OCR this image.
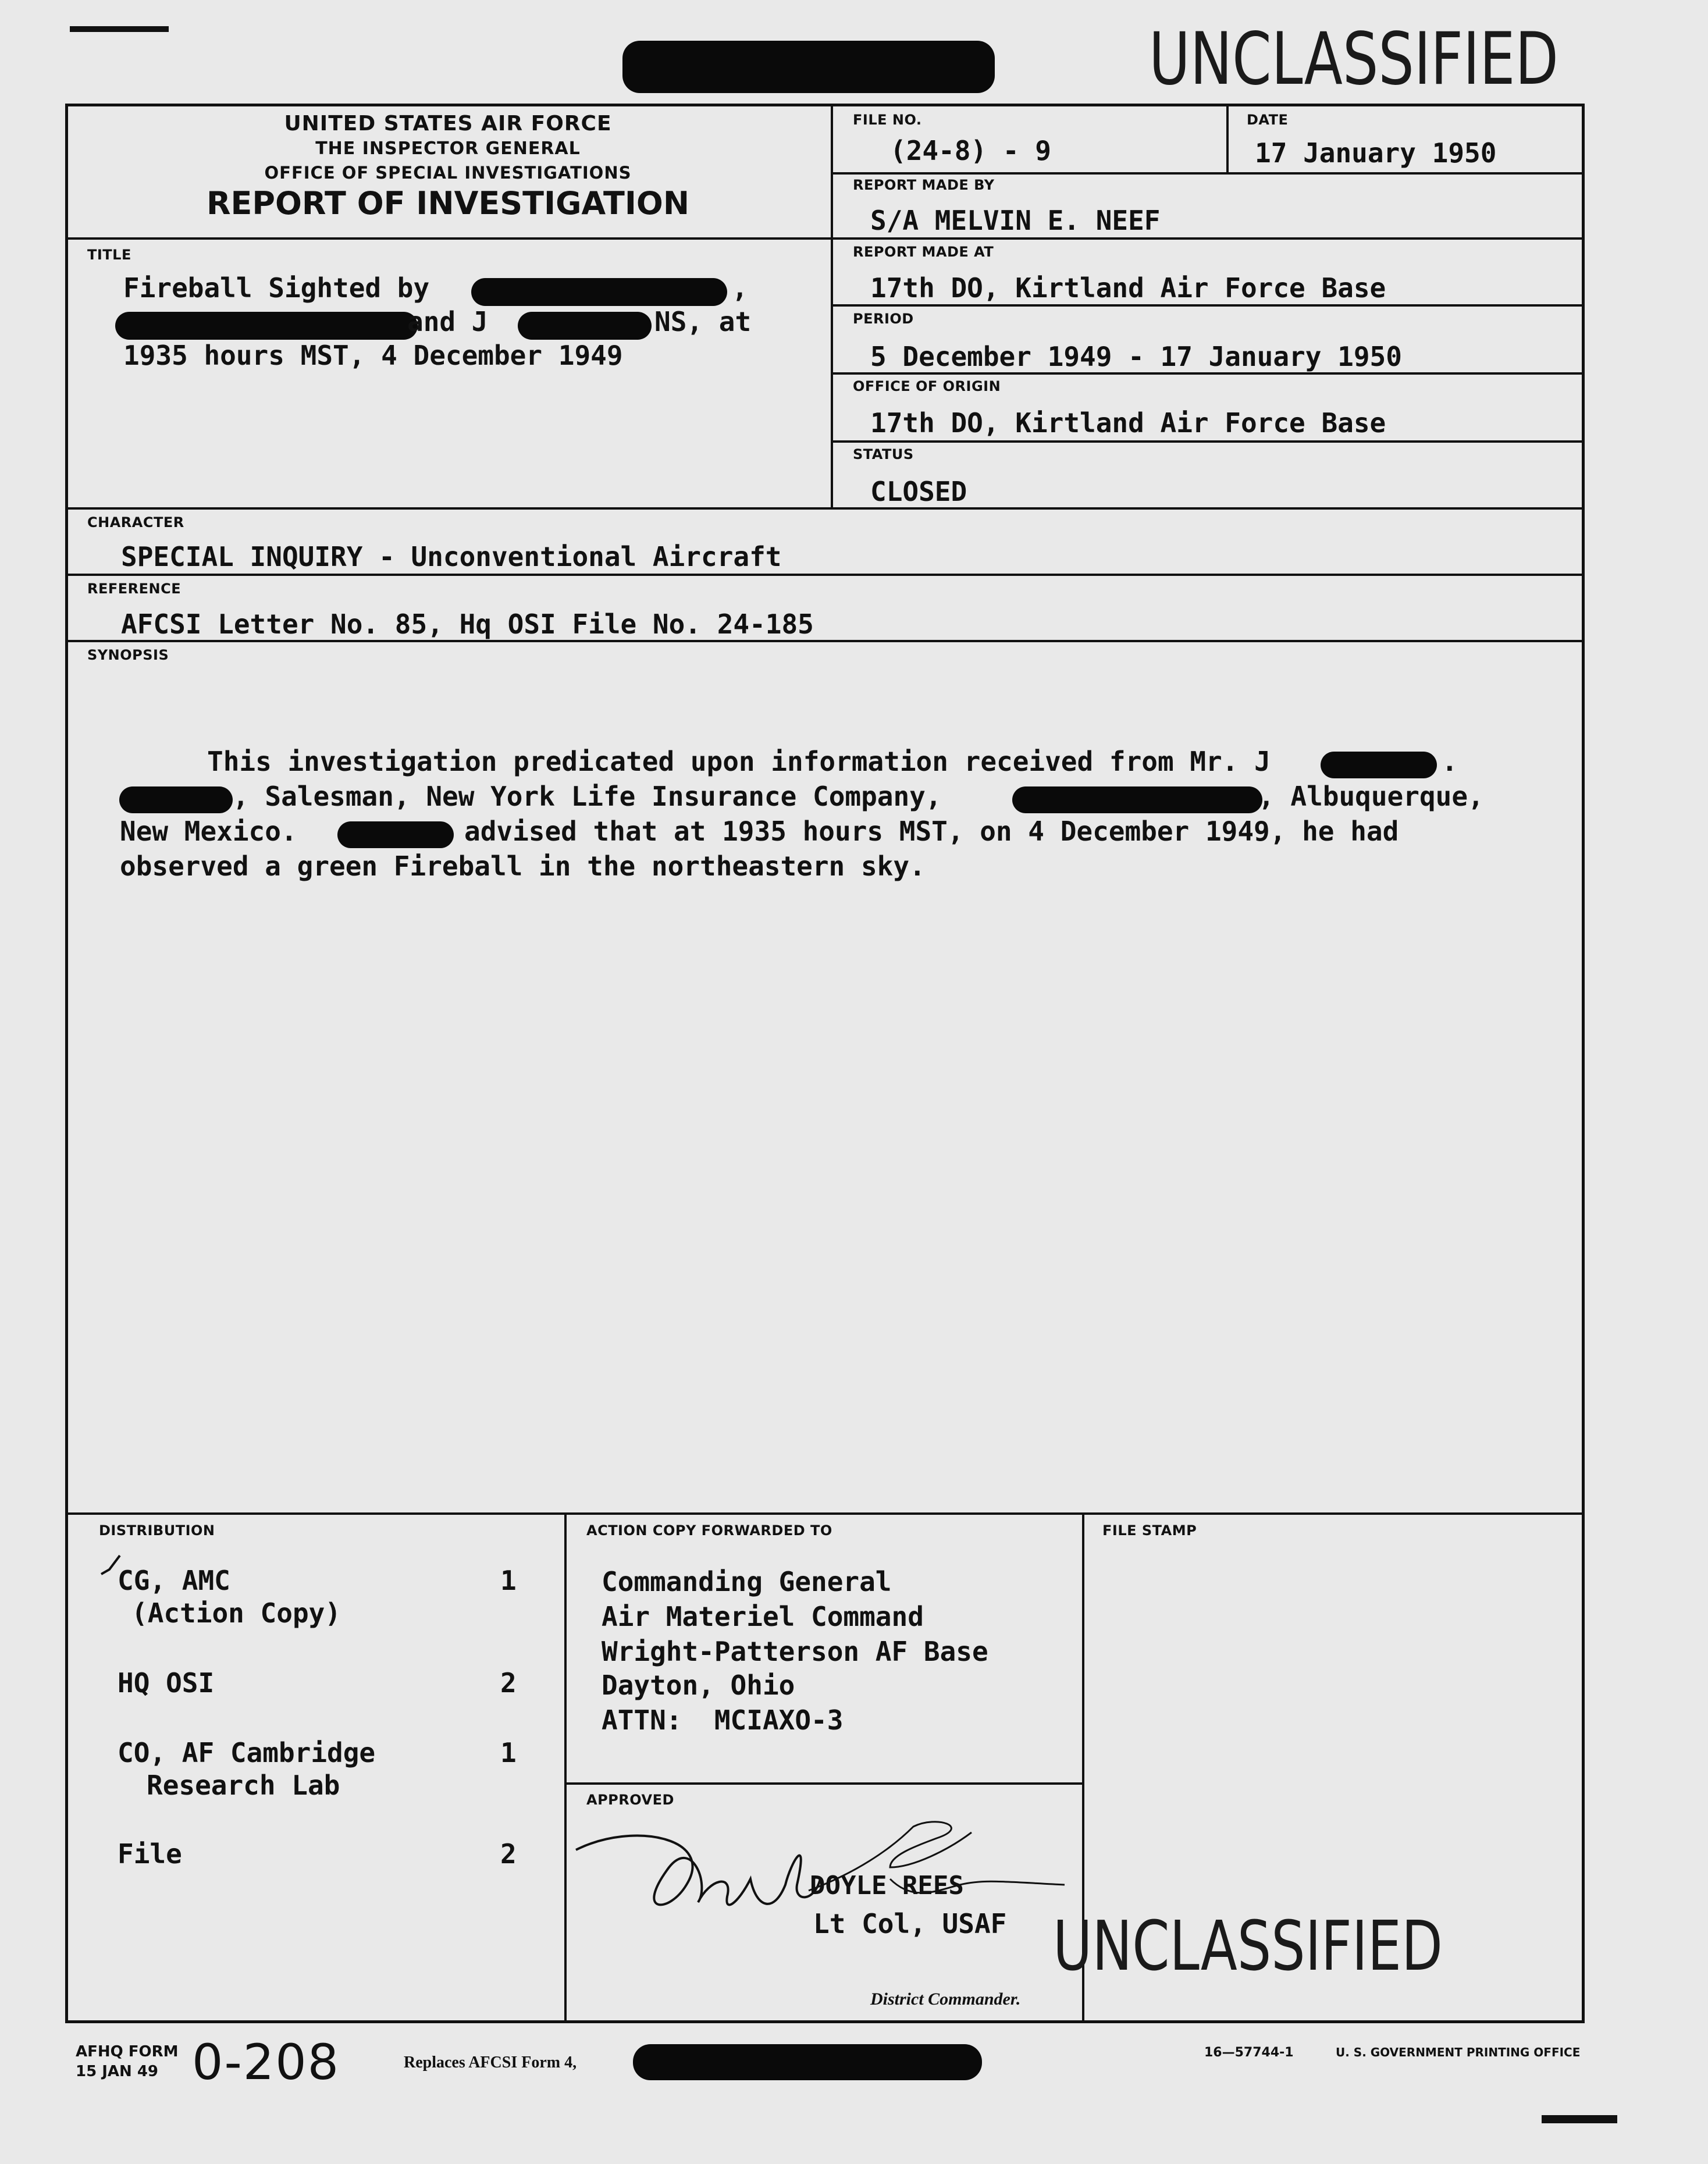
UNCLASSIFIED
UNITED STATES AIR FORCE
THE INSPECTOR GENERAL
OFFICE OF SPECIAL INVESTIGATIONS
REPORT OF INVESTIGATION
FILE NO.
(24-8) - 9
DATE
17 January 1950
REPORT MADE BY
S/A MELVIN E. NEEF
REPORT MADE AT
17th DO, Kirtland Air Force Base
PERIOD
5 December 1949 - 17 January 1950
OFFICE OF ORIGIN
17th DO, Kirtland Air Force Base
STATUS
CLOSED
TITLE
Fireball Sighted by	,
and J	NS, at
1935 hours MST, 4 December 1949
CHARACTER
SPECIAL INQUIRY - Unconventional Aircraft
REFERENCE
AFCSI Letter No. 85, Hq OSI File No. 24-185
SYNOPSIS
This investigation predicated upon information received from Mr. J	.
, Salesman, New York Life Insurance Company,	, Albuquerque,
New Mexico.	advised that at 1935 hours MST, on 4 December 1949, he had
observed a green Fireball in the northeastern sky.
DISTRIBUTION
CG, AMC
(Action Copy)
1
HQ OSI	2
CO, AF Cambridge
Research Lab
1
File	2
ACTION COPY FORWARDED TO
Commanding General
Air Materiel Command
Wright-Patterson AF Base
Dayton, Ohio
ATTN:  MCIAXO-3
FILE STAMP
APPROVED
DOYLE REES
Lt Col, USAF
District Commander.
UNCLASSIFIED
AFHQ FORM
15 JAN 49 0-208	Replaces AFCSI Form 4,
16—57744-1	U. S. GOVERNMENT PRINTING OFFICE
